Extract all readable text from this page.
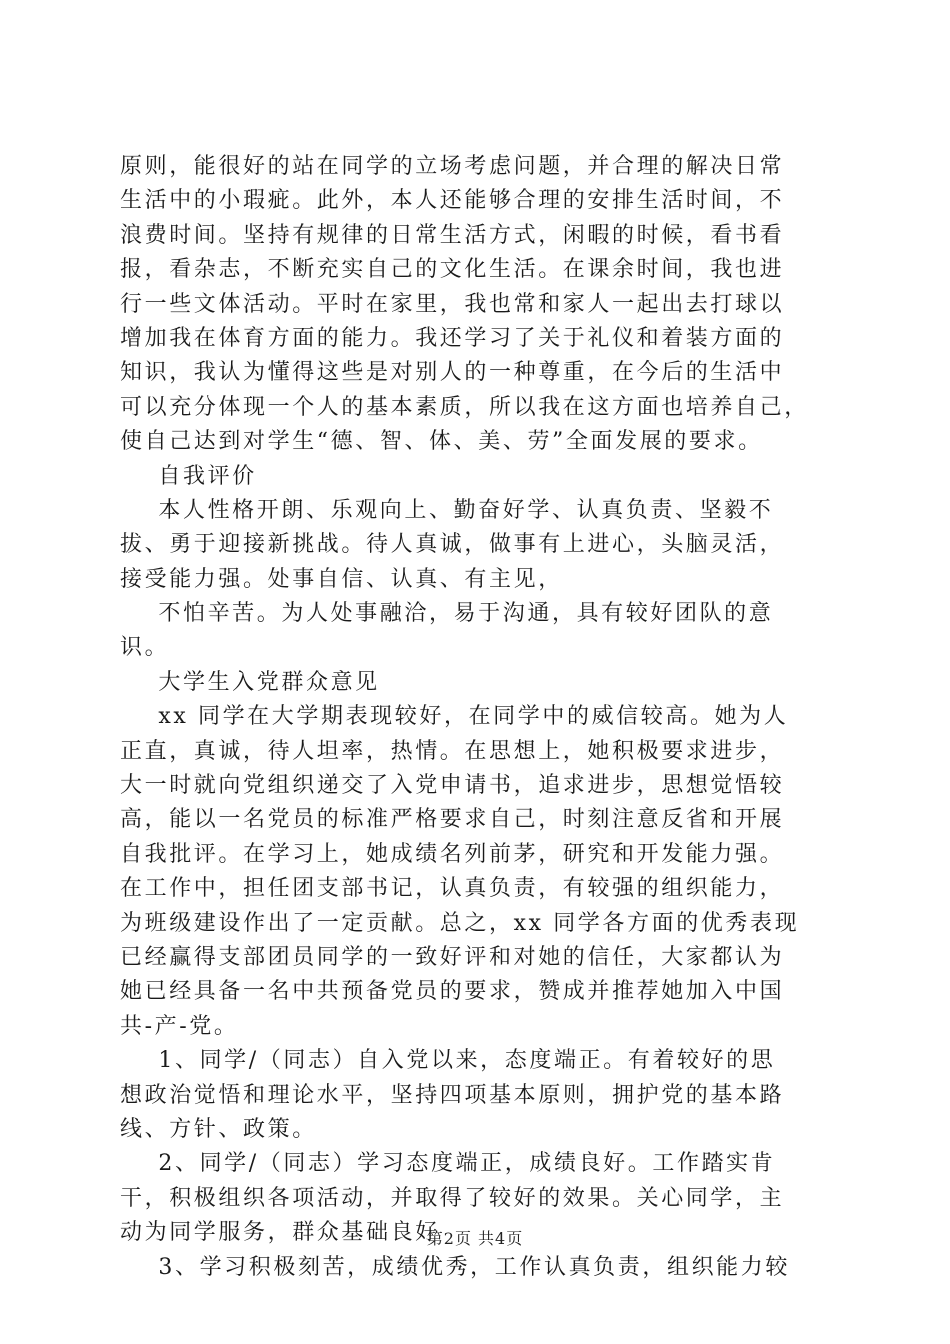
原则，能很好的站在同学的立场考虑问题，并合理的解决日常
生活中的小瑕疵。此外，本人还能够合理的安排生活时间，不
浪费时间。坚持有规律的日常生活方式，闲暇的时候，看书看
报，看杂志，不断充实自己的文化生活。在课余时间，我也进
行一些文体活动。平时在家里，我也常和家人一起出去打球以
增加我在体育方面的能力。我还学习了关于礼仪和着装方面的
知识，我认为懂得这些是对别人的一种尊重，在今后的生活中
可以充分体现一个人的基本素质，所以我在这方面也培养自己，
使自己达到对学生“德、智、体、美、劳”全面发展的要求。
自我评价
本人性格开朗、乐观向上、勤奋好学、认真负责、坚毅不
拔、勇于迎接新挑战。待人真诚，做事有上进心，头脑灵活，
接受能力强。处事自信、认真、有主见，
不怕辛苦。为人处事融洽，易于沟通，具有较好团队的意
识。
大学生入党群众意见
xx 同学在大学期表现较好，在同学中的威信较高。她为人
正直，真诚，待人坦率，热情。在思想上，她积极要求进步，
大一时就向党组织递交了入党申请书，追求进步，思想觉悟较
高，能以一名党员的标准严格要求自己，时刻注意反省和开展
自我批评。在学习上，她成绩名列前茅，研究和开发能力强。
在工作中，担任团支部书记，认真负责，有较强的组织能力，
为班级建设作出了一定贡献。总之，xx 同学各方面的优秀表现
已经赢得支部团员同学的一致好评和对她的信任，大家都认为
她已经具备一名中共预备党员的要求，赞成并推荐她加入中国
共-产-党。
1、同学/（同志）自入党以来，态度端正。有着较好的思
想政治觉悟和理论水平，坚持四项基本原则，拥护党的基本路
线、方针、政策。
2、同学/（同志）学习态度端正，成绩良好。工作踏实肯
干，积极组织各项活动，并取得了较好的效果。关心同学，主
动为同学服务，群众基础良好
3、学习积极刻苦，成绩优秀，工作认真负责，组织能力较
第2页 共4页
